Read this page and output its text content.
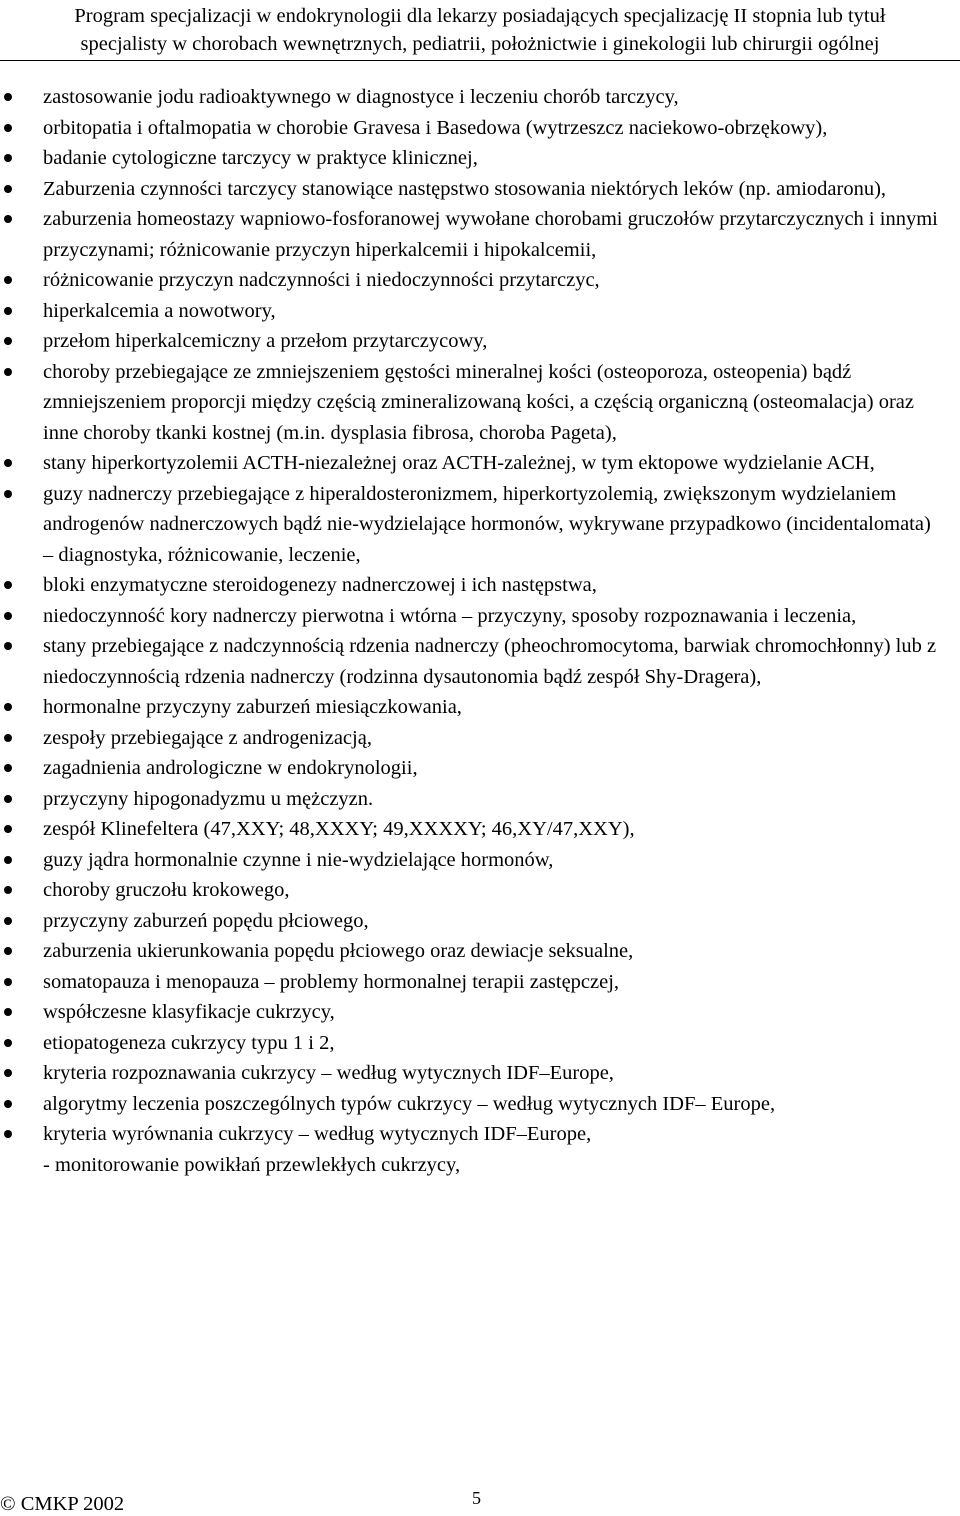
Program specjalizacji w endokrynologii dla lekarzy posiadających specjalizację II stopnia lub tytuł
specjalisty w chorobach wewnętrznych, pediatrii, położnictwie i ginekologii lub chirurgii ogólnej
zastosowanie jodu radioaktywnego w diagnostyce i leczeniu chorób tarczycy,
orbitopatia i oftalmopatia w chorobie Gravesa i Basedowa (wytrzeszcz naciekowo-obrzękowy),
badanie cytologiczne tarczycy w praktyce klinicznej,
Zaburzenia czynności tarczycy stanowiące następstwo stosowania niektórych leków (np. amiodaronu),
zaburzenia homeostazy wapniowo-fosforanowej wywołane chorobami gruczołów przytarczycznych i innymi przyczynami; różnicowanie przyczyn hiperkalcemii i hipokalcemii,
różnicowanie przyczyn nadczynności i niedoczynności przytarczyc,
hiperkalcemia a nowotwory,
przełom hiperkalcemiczny a przełom przytarczycowy,
choroby przebiegające ze zmniejszeniem gęstości mineralnej kości (osteoporoza, osteopenia) bądź zmniejszeniem proporcji między częścią zmineralizowaną kości, a częścią organiczną (osteomalacja) oraz inne choroby tkanki kostnej (m.in. dysplasia fibrosa, choroba Pageta),
stany hiperkortyzolemii ACTH-niezależnej oraz ACTH-zależnej, w tym ektopowe wydzielanie ACH,
guzy nadnerczy przebiegające z hiperaldosteronizmem, hiperkortyzolemią, zwiększonym wydzielaniem androgenów nadnerczowych bądź nie-wydzielające hormonów, wykrywane przypadkowo (incidentalomata) – diagnostyka, różnicowanie, leczenie,
bloki enzymatyczne steroidogenezy nadnerczowej i ich następstwa,
niedoczynność kory nadnerczy pierwotna i wtórna – przyczyny, sposoby rozpoznawania i leczenia,
stany przebiegające z nadczynnością rdzenia nadnerczy (pheochromocytoma, barwiak chromochłonny) lub z niedoczynnością rdzenia nadnerczy (rodzinna dysautonomia bądź zespół Shy-Dragera),
hormonalne przyczyny zaburzeń miesiączkowania,
zespoły przebiegające z androgenizacją,
zagadnienia andrologiczne w endokrynologii,
przyczyny hipogonadyzmu u mężczyzn.
zespół Klinefeltera (47,XXY; 48,XXXY; 49,XXXXY; 46,XY/47,XXY),
guzy jądra hormonalnie czynne i nie-wydzielające hormonów,
choroby gruczołu krokowego,
przyczyny zaburzeń popędu płciowego,
zaburzenia ukierunkowania popędu płciowego oraz dewiacje seksualne,
somatopauza i menopauza – problemy hormonalnej terapii zastępczej,
współczesne klasyfikacje cukrzycy,
etiopatogeneza cukrzycy typu 1 i 2,
kryteria rozpoznawania cukrzycy – według wytycznych IDF–Europe,
algorytmy leczenia poszczególnych typów cukrzycy – według wytycznych IDF– Europe,
kryteria wyrównania cukrzycy – według wytycznych IDF–Europe,
- monitorowanie powikłań przewlekłych cukrzycy,
© CMKP 2002	5
